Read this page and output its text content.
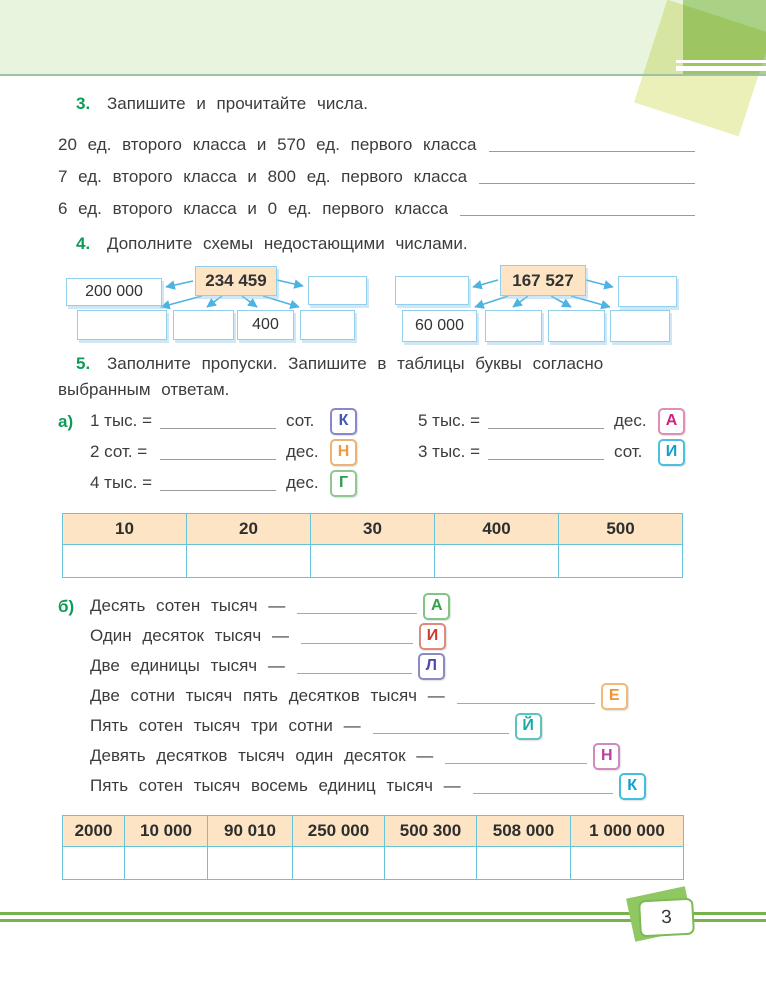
3. Запишите и прочитайте числа.
20 ед. второго класса и 570 ед. первого класса
7 ед. второго класса и 800 ед. первого класса
6 ед. второго класса и 0 ед. первого класса
4. Дополните схемы недостающими числами.
234 459
200 000
400
167 527
60 000
5. Заполните пропуски. Запишите в таблицы буквы согласно
выбранным ответам.
а) 1 тыс. =	сот.	К
2 сот. =	дес.	Н
4 тыс. =	дес.	Г
5 тыс. =	дес.	А
3 тыс. =	сот.	И
10	20	30	400	500

б) Десять сотен тысяч —	А
Один десяток тысяч —	И
Две единицы тысяч —	Л
Две сотни тысяч пять десятков тысяч —	Е
Пять сотен тысяч три сотни —	Й
Девять десятков тысяч один десяток —	Н
Пять сотен тысяч восемь единиц тысяч —	К
2000	10 000	90 010	250 000	500 300	508 000	1 000 000

3
